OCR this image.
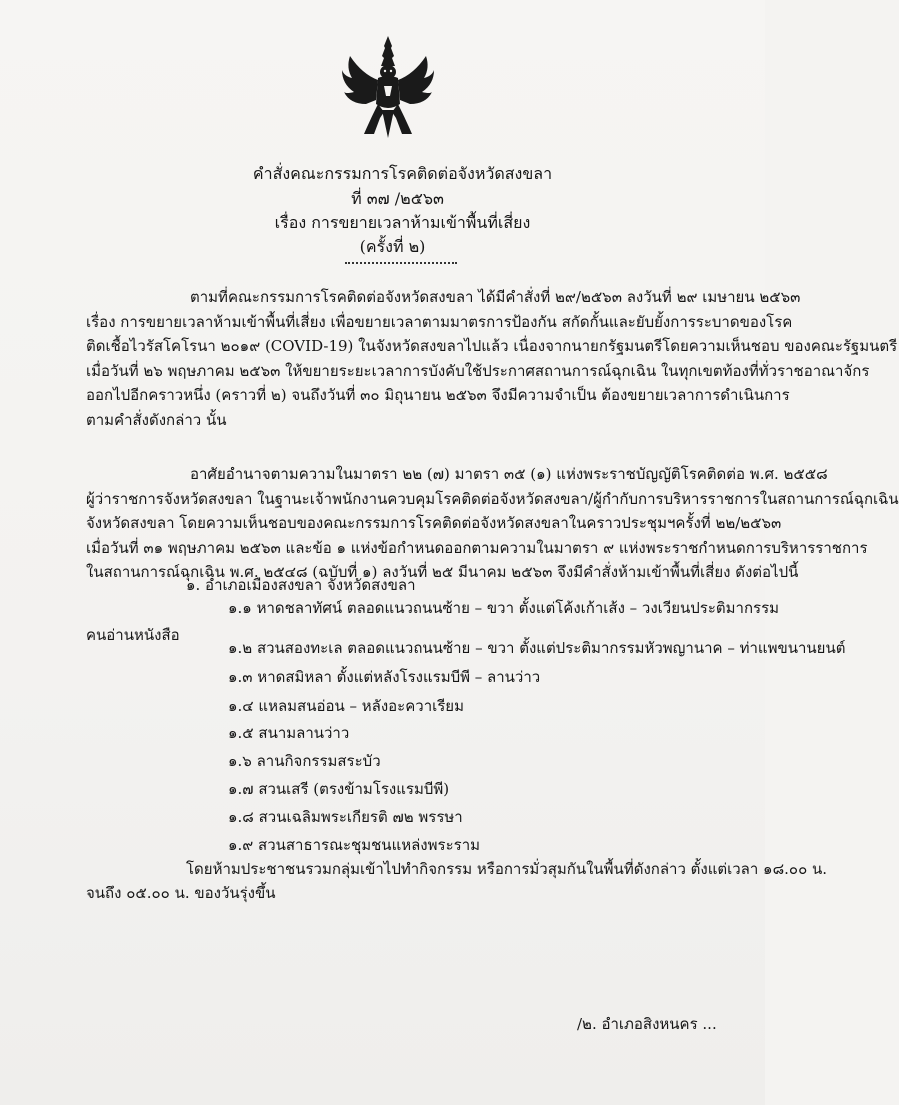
คำสั่งคณะกรรมการโรคติดต่อจังหวัดสงขลา
ที่ ๓๗ /๒๕๖๓
เรื่อง การขยายเวลาห้ามเข้าพื้นที่เสี่ยง
(ครั้งที่ ๒)
ตามที่คณะกรรมการโรคติดต่อจังหวัดสงขลา ได้มีคำสั่งที่ ๒๙/๒๕๖๓ ลงวันที่ ๒๙ เมษายน ๒๕๖๓
เรื่อง การขยายเวลาห้ามเข้าพื้นที่เสี่ยง เพื่อขยายเวลาตามมาตรการป้องกัน สกัดกั้นและยับยั้งการระบาดของโรค
ติดเชื้อไวรัสโคโรนา ๒๐๑๙ (COVID-19) ในจังหวัดสงขลาไปแล้ว เนื่องจากนายกรัฐมนตรีโดยความเห็นชอบ ของคณะรัฐมนตรี
เมื่อวันที่ ๒๖ พฤษภาคม ๒๕๖๓ ให้ขยายระยะเวลาการบังคับใช้ประกาศสถานการณ์ฉุกเฉิน ในทุกเขตท้องที่ทั่วราชอาณาจักร
ออกไปอีกคราวหนึ่ง (คราวที่ ๒) จนถึงวันที่ ๓๐ มิถุนายน ๒๕๖๓ จึงมีความจำเป็น ต้องขยายเวลาการดำเนินการ
ตามคำสั่งดังกล่าว นั้น
อาศัยอำนาจตามความในมาตรา ๒๒ (๗) มาตรา ๓๕ (๑) แห่งพระราชบัญญัติโรคติดต่อ พ.ศ. ๒๕๕๘
ผู้ว่าราชการจังหวัดสงขลา ในฐานะเจ้าพนักงานควบคุมโรคติดต่อจังหวัดสงขลา/ผู้กำกับการบริหารราชการในสถานการณ์ฉุกเฉิน
จังหวัดสงขลา โดยความเห็นชอบของคณะกรรมการโรคติดต่อจังหวัดสงขลาในคราวประชุมฯครั้งที่ ๒๒/๒๕๖๓
เมื่อวันที่ ๓๑ พฤษภาคม ๒๕๖๓ และข้อ ๑ แห่งข้อกำหนดออกตามความในมาตรา ๙ แห่งพระราชกำหนดการบริหารราชการ
ในสถานการณ์ฉุกเฉิน พ.ศ. ๒๕๔๘ (ฉบับที่ ๑) ลงวันที่ ๒๕ มีนาคม ๒๕๖๓ จึงมีคำสั่งห้ามเข้าพื้นที่เสี่ยง ดังต่อไปนี้
๑. อำเภอเมืองสงขลา จังหวัดสงขลา
๑.๑ หาดชลาทัศน์ ตลอดแนวถนนซ้าย – ขวา ตั้งแต่โค้งเก้าเส้ง – วงเวียนประติมากรรม
คนอ่านหนังสือ
๑.๒ สวนสองทะเล ตลอดแนวถนนซ้าย – ขวา ตั้งแต่ประติมากรรมหัวพญานาค – ท่าแพขนานยนต์
๑.๓ หาดสมิหลา ตั้งแต่หลังโรงแรมบีพี – ลานว่าว
๑.๔ แหลมสนอ่อน – หลังอะควาเรียม
๑.๕ สนามลานว่าว
๑.๖ ลานกิจกรรมสระบัว
๑.๗ สวนเสรี (ตรงข้ามโรงแรมบีพี)
๑.๘ สวนเฉลิมพระเกียรติ ๗๒ พรรษา
๑.๙ สวนสาธารณะชุมชนแหล่งพระราม
โดยห้ามประชาชนรวมกลุ่มเข้าไปทำกิจกรรม หรือการมั่วสุมกันในพื้นที่ดังกล่าว ตั้งแต่เวลา ๑๘.๐๐ น.
จนถึง ๐๕.๐๐ น. ของวันรุ่งขึ้น
/๒. อำเภอสิงหนคร ...
